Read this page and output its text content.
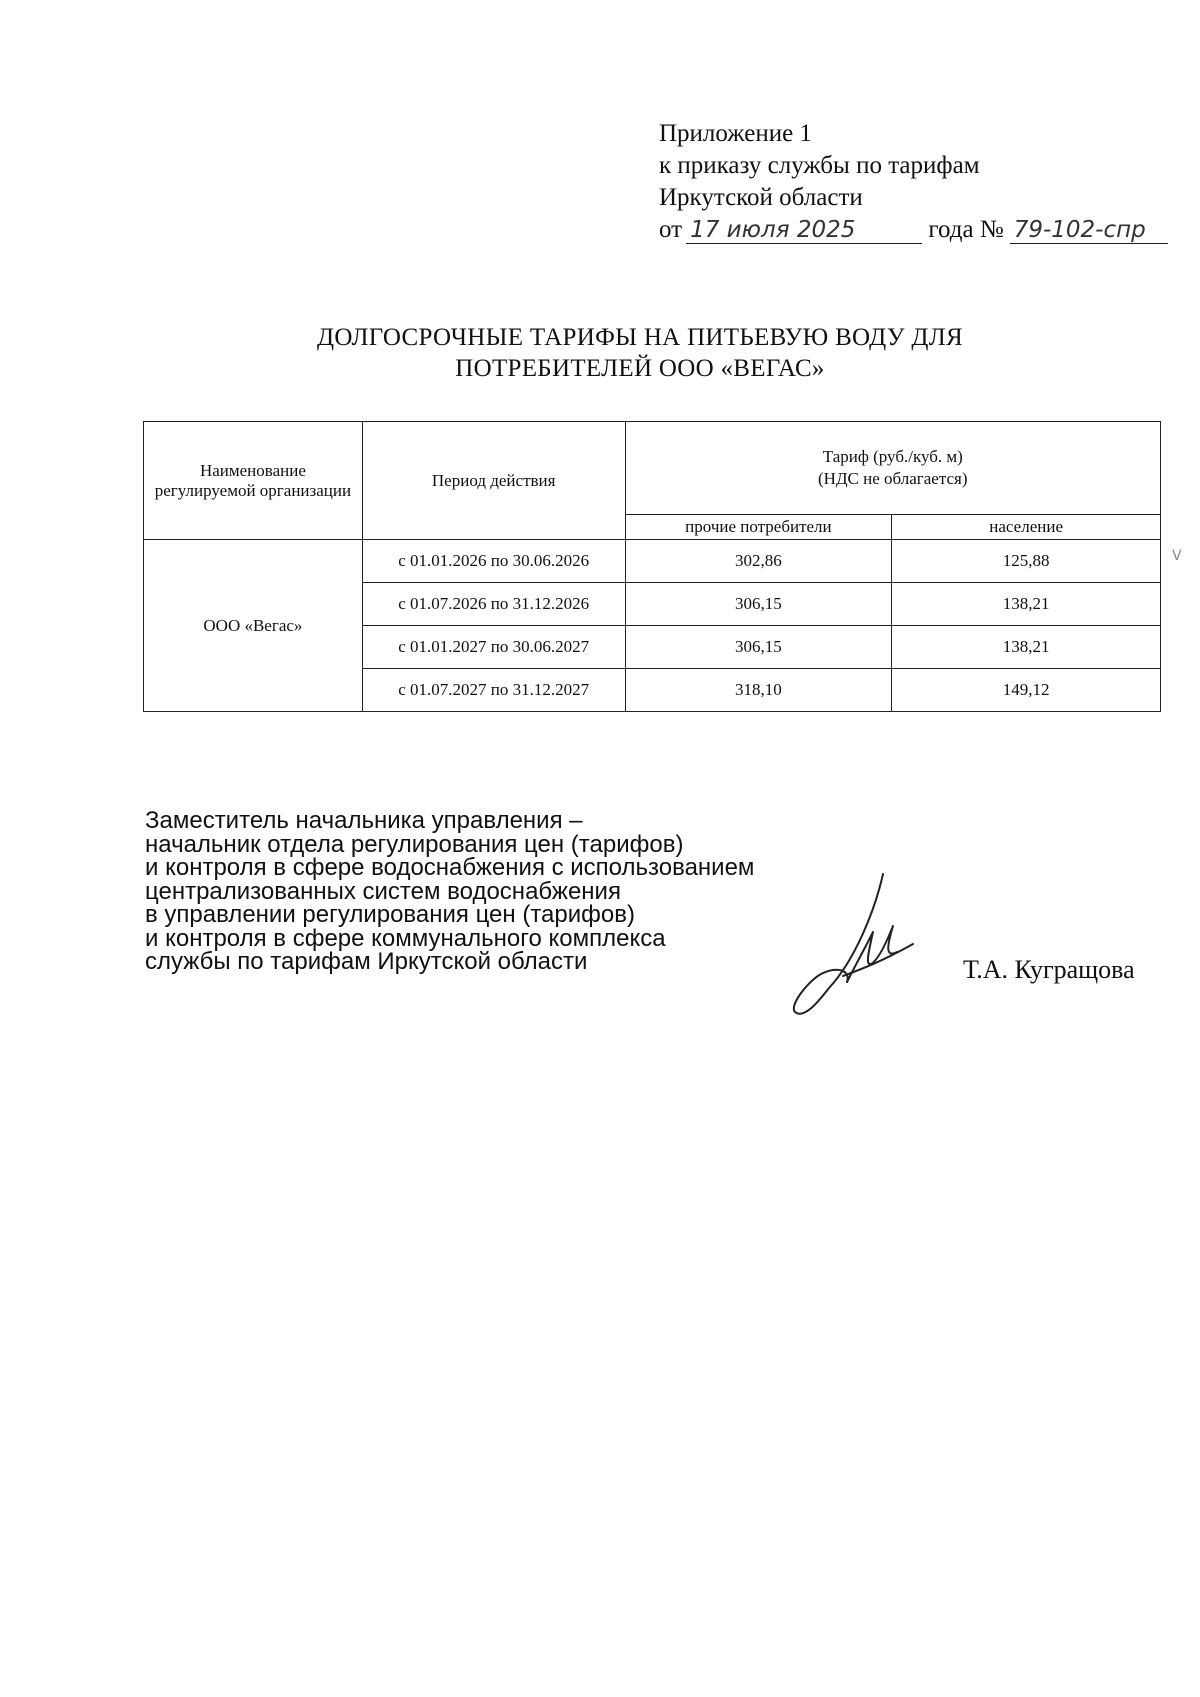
Приложение 1
к приказу службы по тарифам
Иркутской области
от 17 июля 2025	года № 79-102-спр
ДОЛГОСРОЧНЫЕ ТАРИФЫ НА ПИТЬЕВУЮ ВОДУ ДЛЯ
ПОТРЕБИТЕЛЕЙ ООО «ВЕГАС»
Наименование регулируемой организации	Период действия	Тариф (руб./куб. м)
(НДС не облагается)	

		прочие потребители	население
ООО «Вегас»	с 01.01.2026 по 30.06.2026	302,86	125,88
	с 01.07.2026 по 31.12.2026	306,15	138,21
	с 01.01.2027 по 30.06.2027	306,15	138,21
	с 01.07.2027 по 31.12.2027	318,10	149,12
V
Заместитель начальника управления –
начальник отдела регулирования цен (тарифов)
и контроля в сфере водоснабжения с использованием
централизованных систем водоснабжения
в управлении регулирования цен (тарифов)
и контроля в сфере коммунального комплекса
службы по тарифам Иркутской области	Т.А. Кугращова
